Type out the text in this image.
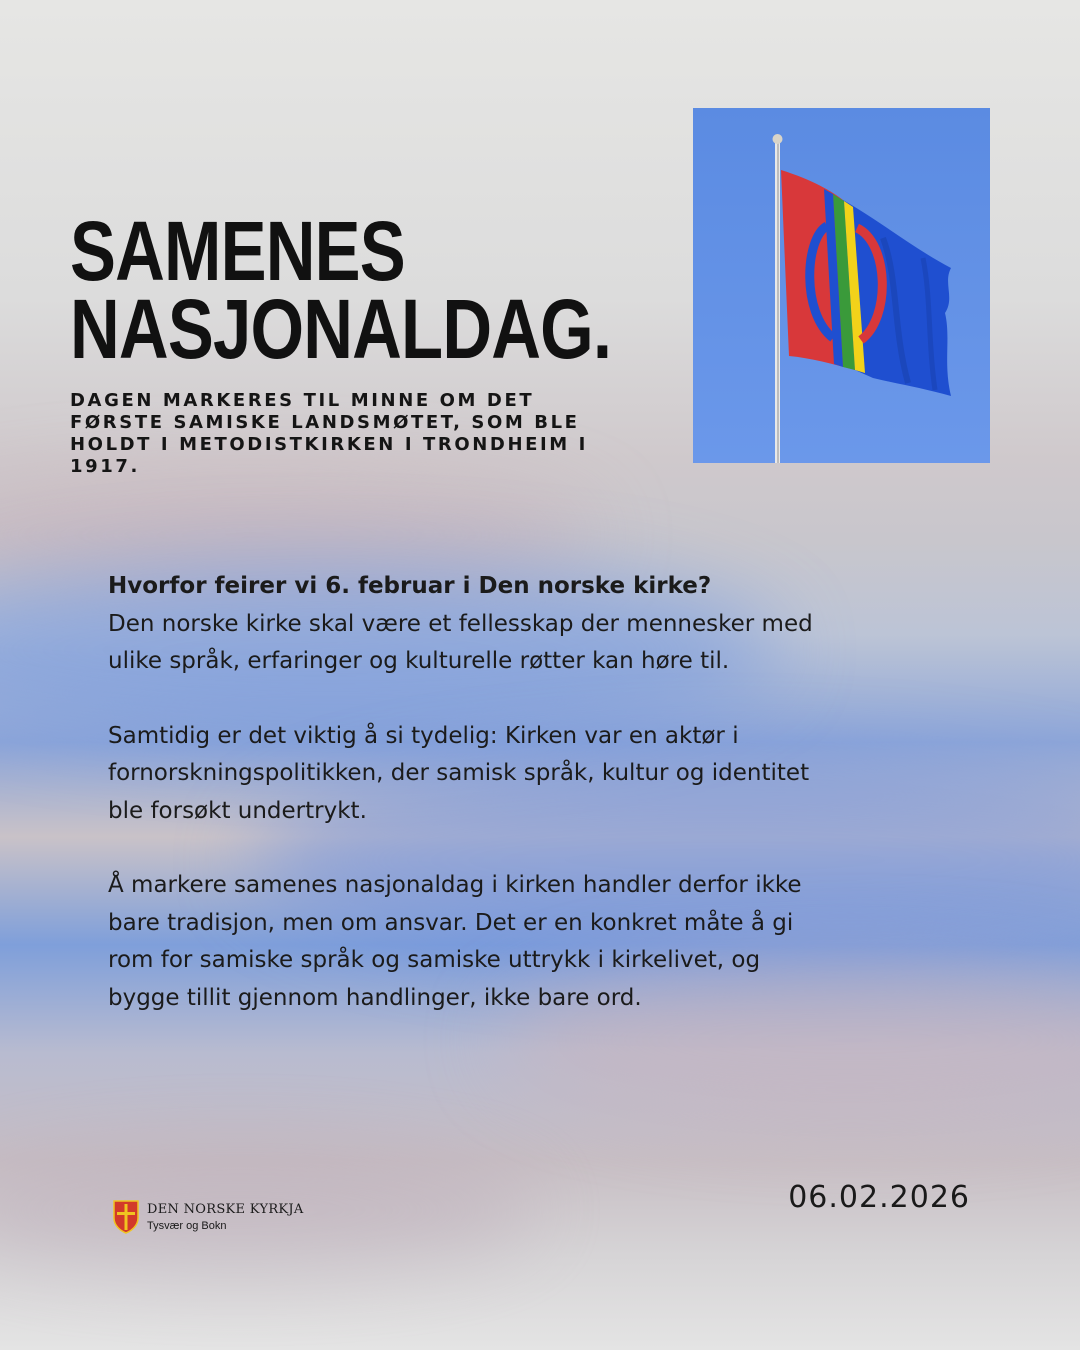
SAMENES
NASJONALDAG.

DAGEN MARKERES TIL MINNE OM DET FØRSTE SAMISKE LANDSMØTET, SOM BLE HOLDT I METODISTKIRKEN I TRONDHEIM I 1917.

Hvorfor feirer vi 6. februar i Den norske kirke?
Den norske kirke skal være et fellesskap der mennesker med ulike språk, erfaringer og kulturelle røtter kan høre til.

Samtidig er det viktig å si tydelig: Kirken var en aktør i fornorskningspolitikken, der samisk språk, kultur og identitet ble forsøkt undertrykt.

Å markere samenes nasjonaldag i kirken handler derfor ikke bare tradisjon, men om ansvar. Det er en konkret måte å gi rom for samiske språk og samiske uttrykk i kirkelivet, og bygge tillit gjennom handlinger, ikke bare ord.

DEN NORSKE KYRKJA
Tysvær og Bokn
06.02.2026
